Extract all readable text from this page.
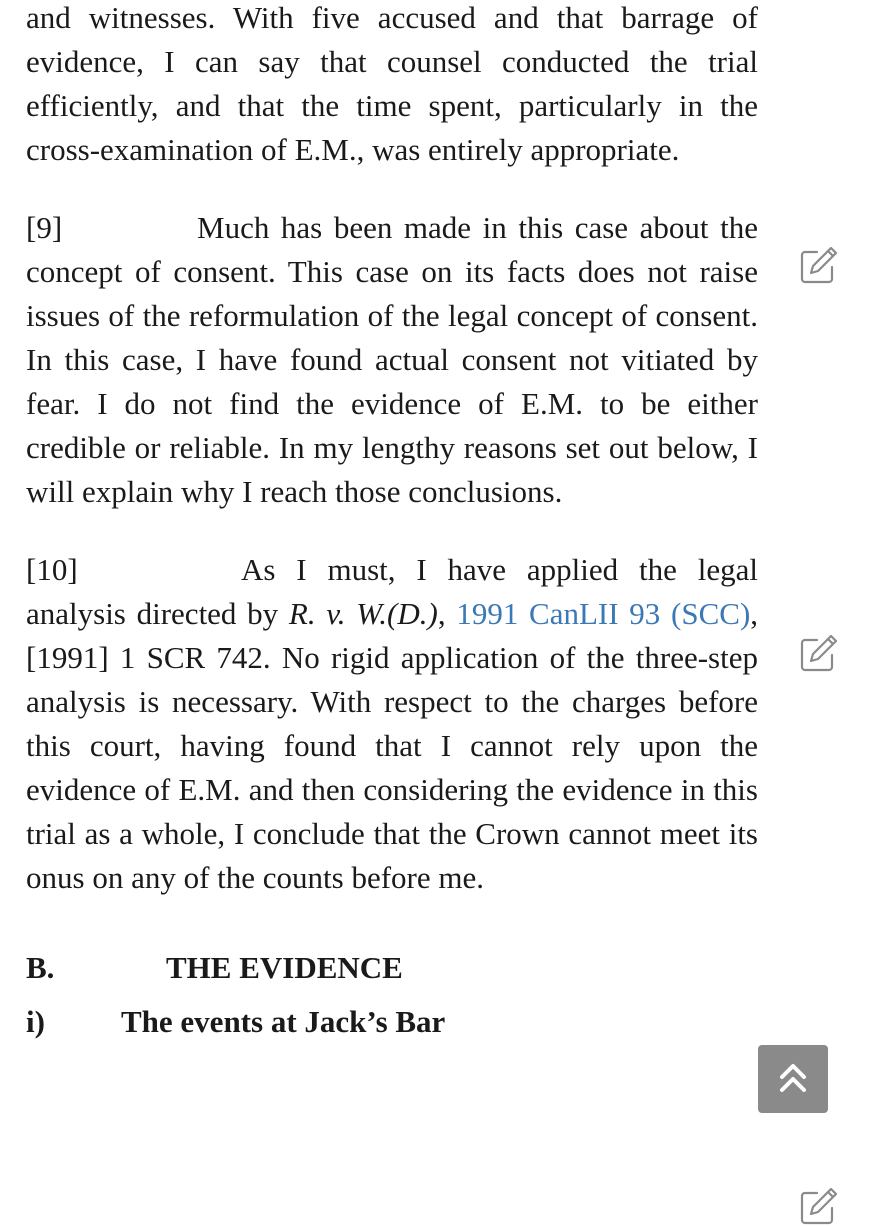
and witnesses. With five accused and that barrage of evidence, I can say that counsel conducted the trial efficiently, and that the time spent, particularly in the cross-examination of E.M., was entirely appropriate.

[9]	Much has been made in this case about the concept of consent. This case on its facts does not raise issues of the reformulation of the legal concept of consent. In this case, I have found actual consent not vitiated by fear. I do not find the evidence of E.M. to be either credible or reliable. In my lengthy reasons set out below, I will explain why I reach those conclusions.

[10]	As I must, I have applied the legal analysis directed by R. v. W.(D.), 1991 CanLII 93 (SCC), [1991] 1 SCR 742. No rigid application of the three-step analysis is necessary. With respect to the charges before this court, having found that I cannot rely upon the evidence of E.M. and then considering the evidence in this trial as a whole, I conclude that the Crown cannot meet its onus on any of the counts before me.

B.	THE EVIDENCE

i) The events at Jack’s Bar
